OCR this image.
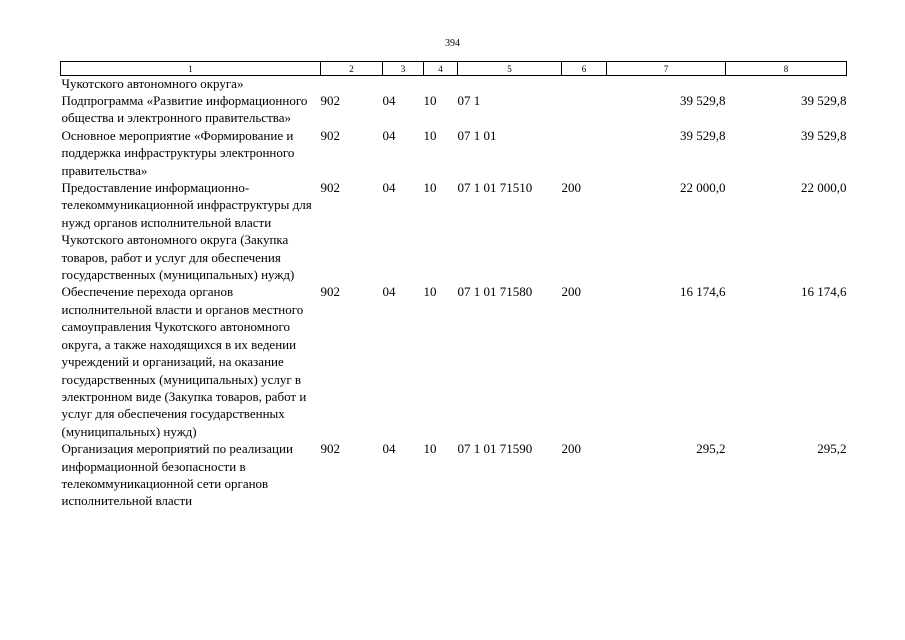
394
1	2	3	4	5	6	7	8
Чукотского автономного округа»							
Подпрограмма «Развитие информационного общества и электронного правительства»	902	04	10	07 1		39 529,8	39 529,8
Основное мероприятие «Формирование и поддержка инфраструктуры электронного правительства»	902	04	10	07 1 01		39 529,8	39 529,8
Предоставление информационно-телекоммуникационной инфраструктуры для нужд органов исполнительной власти Чукотского автономного округа (Закупка товаров, работ и услуг для обеспечения государственных (муниципальных) нужд)	902	04	10	07 1 01 71510	200	22 000,0	22 000,0
Обеспечение перехода органов исполнительной власти и органов местного самоуправления Чукотского автономного округа, а также находящихся в их ведении учреждений и организаций, на оказание государственных (муниципальных) услуг в электронном виде (Закупка товаров, работ и услуг для обеспечения государственных (муниципальных) нужд)	902	04	10	07 1 01 71580	200	16 174,6	16 174,6
Организация мероприятий по реализации информационной безопасности в телекоммуникационной сети органов исполнительной власти	902	04	10	07 1 01 71590	200	295,2	295,2
